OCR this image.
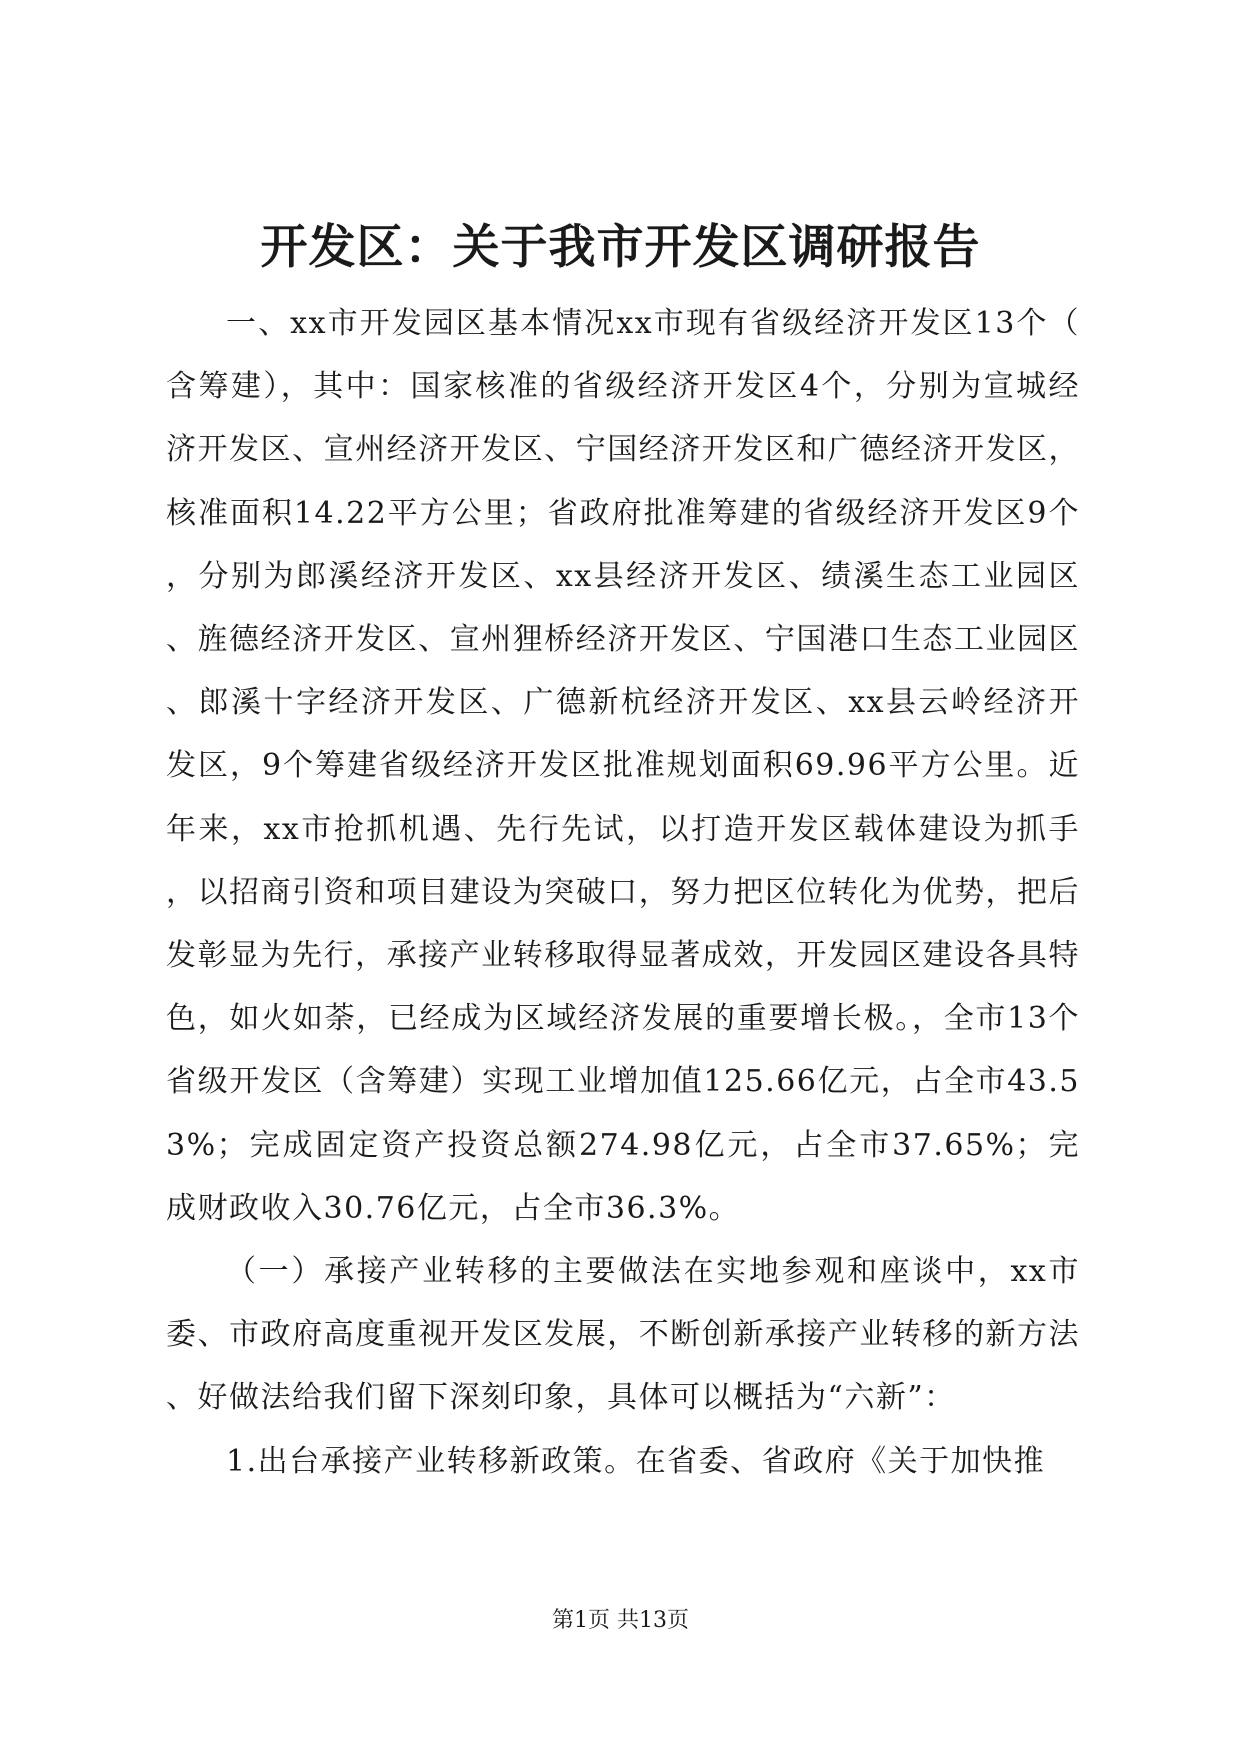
开发区：关于我市开发区调研报告

一、xx市开发园区基本情况xx市现有省级经济开发区13个（含筹建），其中：国家核准的省级经济开发区4个，分别为宣城经济开发区、宣州经济开发区、宁国经济开发区和广德经济开发区，核准面积14.22平方公里；省政府批准筹建的省级经济开发区9个，分别为郎溪经济开发区、xx县经济开发区、绩溪生态工业园区、旌德经济开发区、宣州狸桥经济开发区、宁国港口生态工业园区、郎溪十字经济开发区、广德新杭经济开发区、xx县云岭经济开发区，9个筹建省级经济开发区批准规划面积69.96平方公里。近年来，xx市抢抓机遇、先行先试，以打造开发区载体建设为抓手，以招商引资和项目建设为突破口，努力把区位转化为优势，把后发彰显为先行，承接产业转移取得显著成效，开发园区建设各具特色，如火如荼，已经成为区域经济发展的重要增长极。，全市13个省级开发区（含筹建）实现工业增加值125.66亿元，占全市43.53%；完成固定资产投资总额274.98亿元，占全市37.65%；完成财政收入30.76亿元，占全市36.3%。

（一）承接产业转移的主要做法在实地参观和座谈中，xx市委、市政府高度重视开发区发展，不断创新承接产业转移的新方法、好做法给我们留下深刻印象，具体可以概括为“六新”：

1.出台承接产业转移新政策。在省委、省政府《关于加快推

第1页 共13页
